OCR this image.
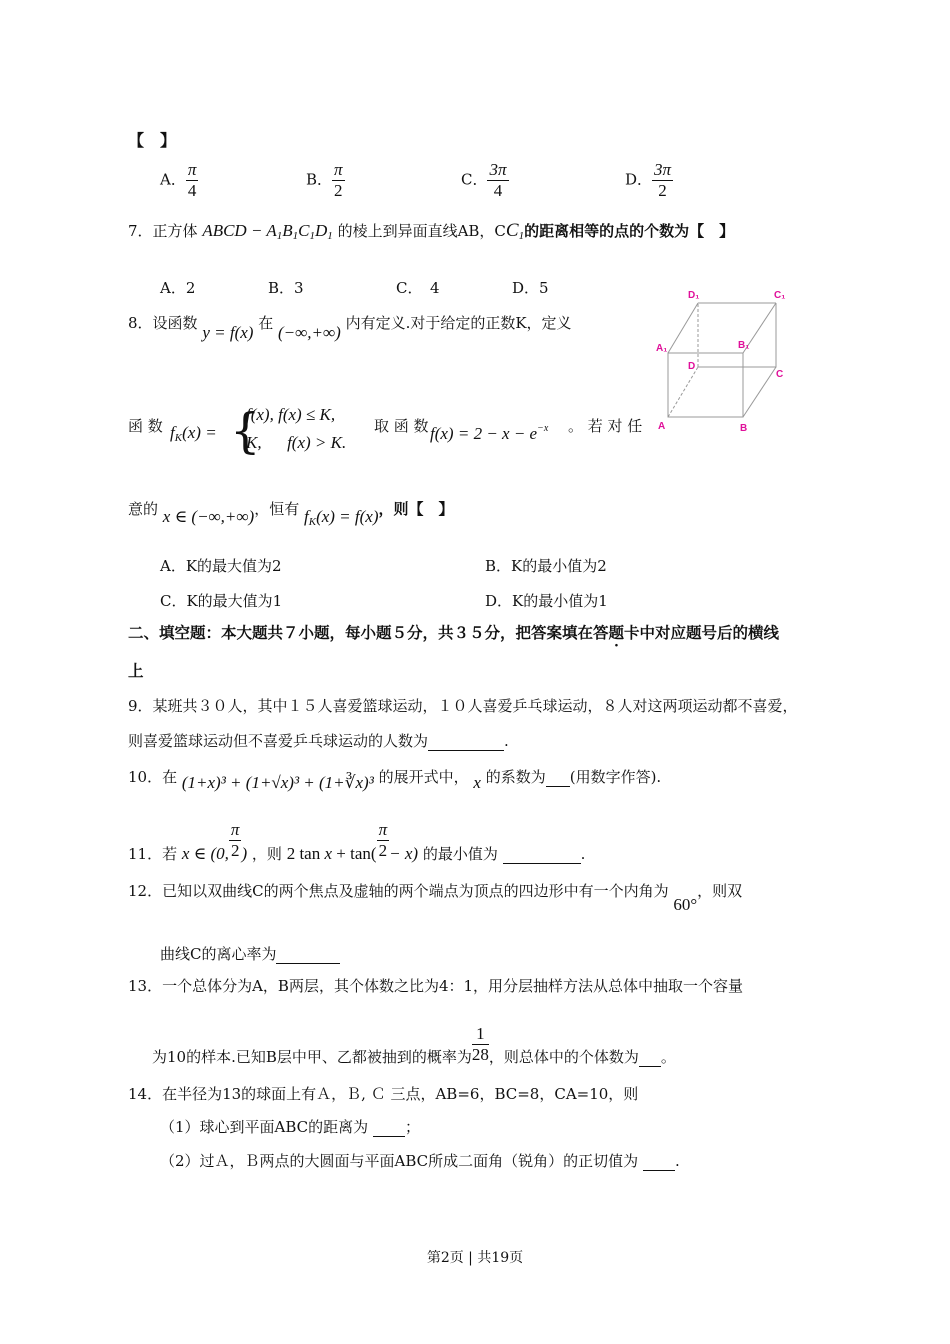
【　】
A． $\frac{\pi}{4}$	B． $\frac{\pi}{2}$	C． $\frac{3\pi}{4}$	D． $\frac{3\pi}{2}$
7．正方体 ABCD − $A_1B_1C_1D_1$ 的棱上到异面直线AB，$CC_1$的距离相等的点的个数为【　】
A．2	B．3	C．　4	D．5
8．设函数 y = f(x) 在 (−∞,+∞) 内有定义.对于给定的正数K，定义
函 数 $f_K(x)$ = {
f(x), f(x) ≤ K,
K,      f(x) > K.
取 函 数 $f(x) = 2 - x - e^{-x}$ 。 若 对 任
意的 x ∈ (−∞,+∞)，恒有 $f_K(x) = f(x)$，则【　】
A．K的最大值为2	B．K的最小值为2
C．K的最大值为1	D．K的最小值为1
D₁	C₁
A₁	B₁
D
C
A	B
二、填空题：本大题共７小题，每小题５分，共３５分，把答案填在答题卡中对应题号后的横线
上
9．某班共３０人，其中１５人喜爱篮球运动，１０人喜爱乒乓球运动，８人对这两项运动都不喜爱，
则喜爱篮球运动但不喜爱乒乓球运动的人数为	.
10．在 (1+x)³ + (1+√x)³ + (1+∛x)³ 的展开式中， x 的系数为 (用数字作答).
11．若 x ∈ (0, $\frac{\pi}{2}$ ) ，则 2 $\tan x + \tan( \frac{\pi}{2} - x)$ 的最小值为	.
12．已知以双曲线C的两个焦点及虚轴的两个端点为顶点的四边形中有一个内角为 60°，则双
曲线C的离心率为
13．一个总体分为A，B两层，其个体数之比为4：1，用分层抽样方法从总体中抽取一个容量
为10的样本.已知B层中甲、乙都被抽到的概率为 $\frac{1}{28}$ ，则总体中的个体数为 。
14．在半径为13的球面上有Ａ，Ｂ, Ｃ 三点，AB=6，BC=8，CA=10，则
（1）球心到平面ABC的距离为 ；
（2）过Ａ，Ｂ两点的大圆面与平面ABC所成二面角（锐角）的正切值为 .
第2页 | 共19页
